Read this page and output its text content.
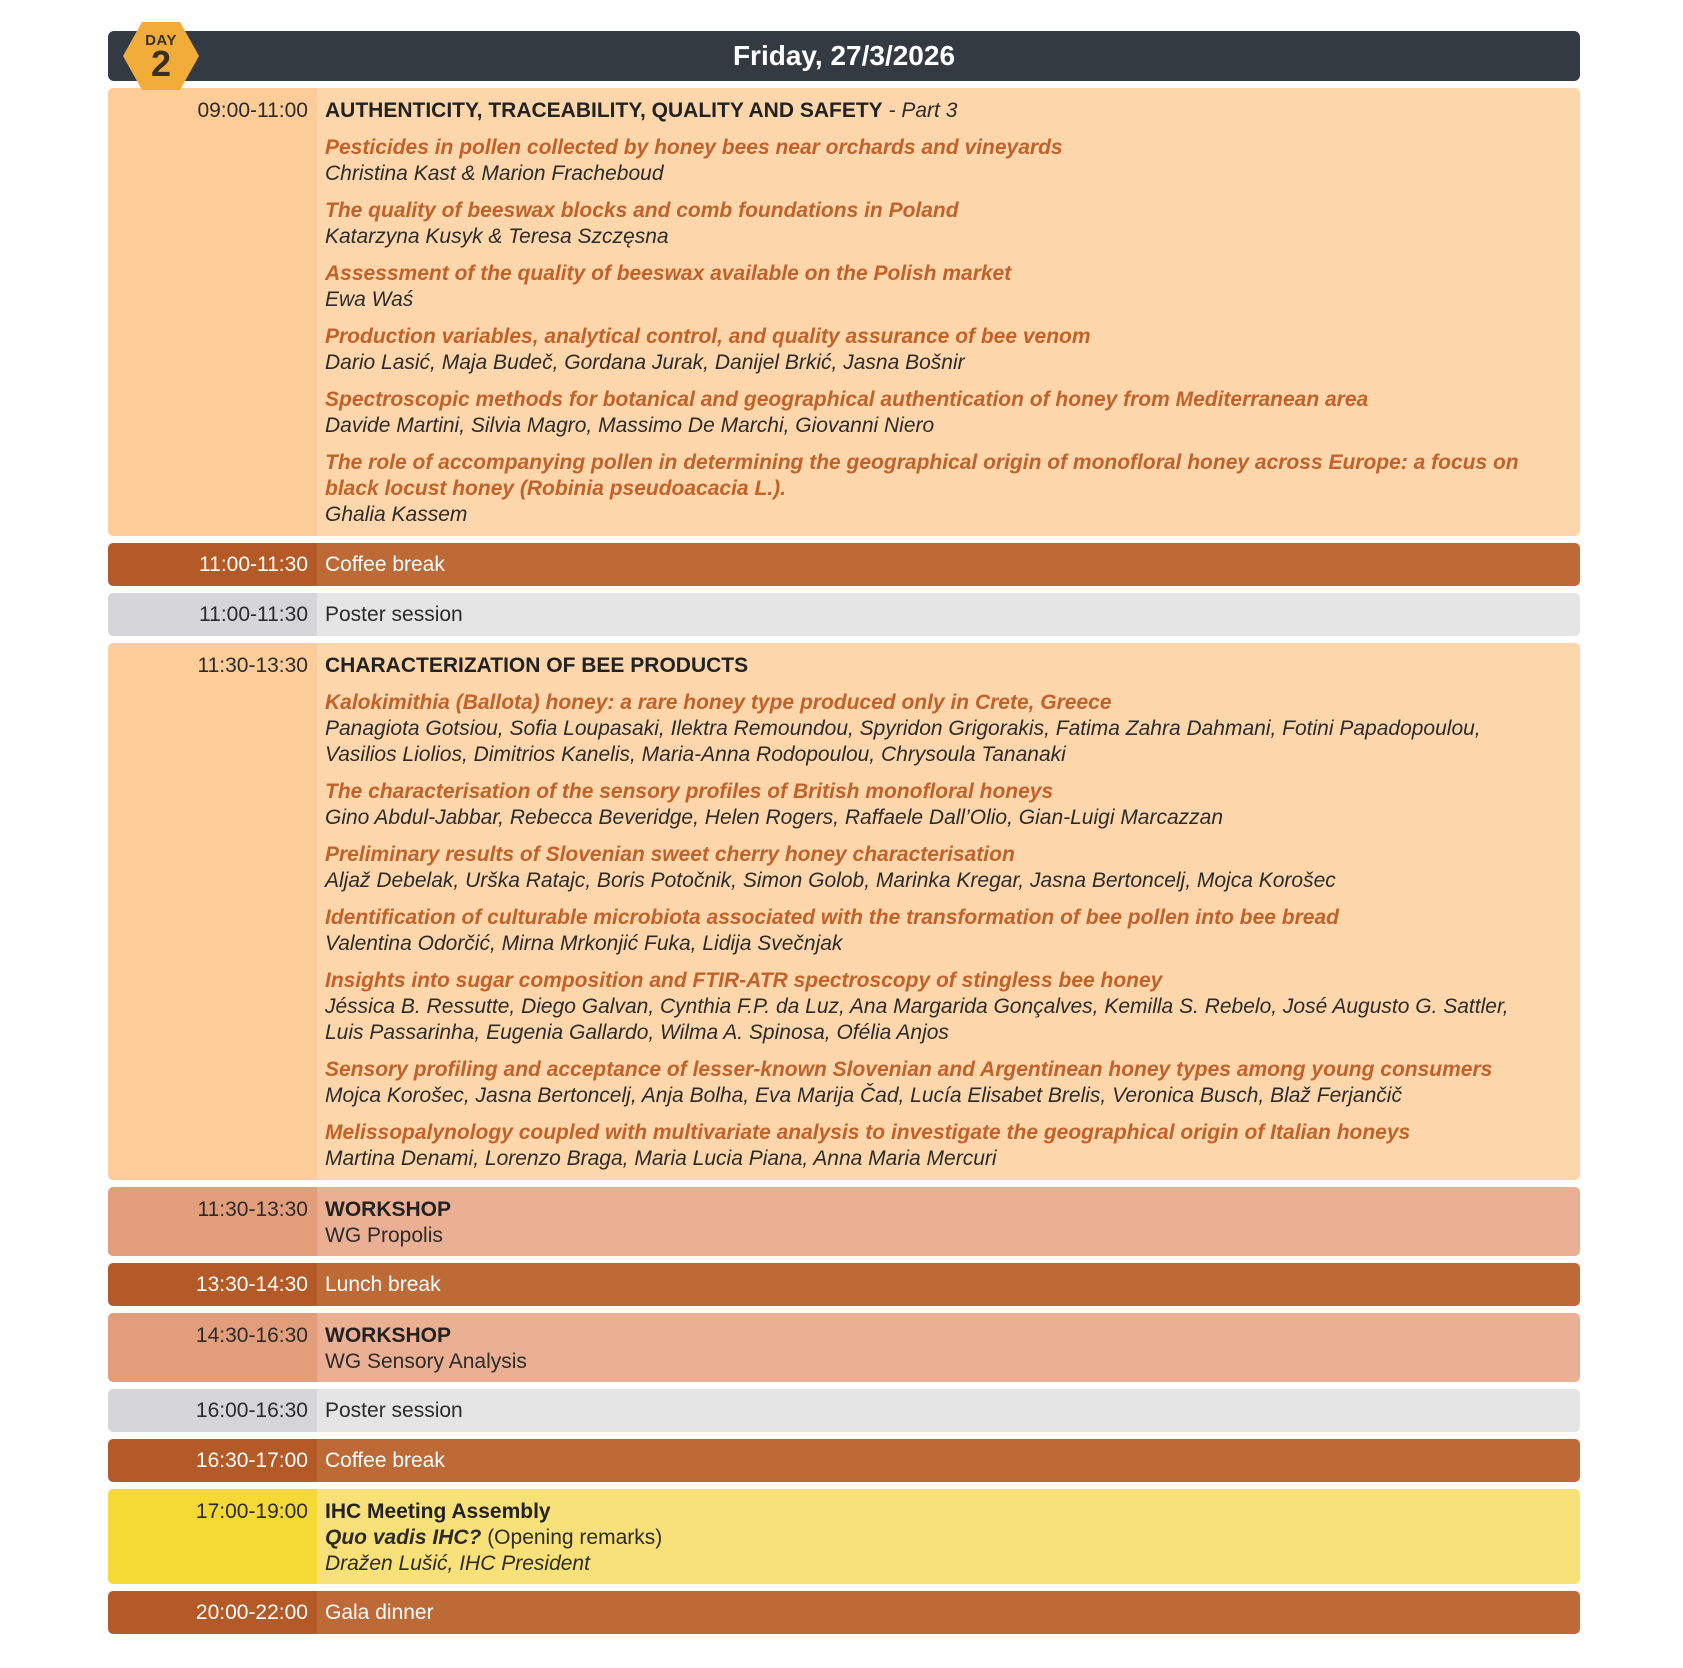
Friday, 27/3/2026
DAY
2
09:00-11:00 AUTHENTICITY, TRACEABILITY, QUALITY AND SAFETY - Part 3
Pesticides in pollen collected by honey bees near orchards and vineyards
Christina Kast & Marion Fracheboud
The quality of beeswax blocks and comb foundations in Poland
Katarzyna Kusyk & Teresa Szczęsna
Assessment of the quality of beeswax available on the Polish market
Ewa Waś
Production variables, analytical control, and quality assurance of bee venom
Dario Lasić, Maja Budeč, Gordana Jurak, Danijel Brkić, Jasna Bošnir
Spectroscopic methods for botanical and geographical authentication of honey from Mediterranean area
Davide Martini, Silvia Magro, Massimo De Marchi, Giovanni Niero
The role of accompanying pollen in determining the geographical origin of monofloral honey across Europe: a focus on black locust honey (Robinia pseudoacacia L.).
Ghalia Kassem
11:00-11:30 Coffee break
11:00-11:30 Poster session
11:30-13:30 CHARACTERIZATION OF BEE PRODUCTS
Kalokimithia (Ballota) honey: a rare honey type produced only in Crete, Greece
Panagiota Gotsiou, Sofia Loupasaki, Ilektra Remoundou, Spyridon Grigorakis, Fatima Zahra Dahmani, Fotini Papadopoulou, Vasilios Liolios, Dimitrios Kanelis, Maria-Anna Rodopoulou, Chrysoula Tananaki
The characterisation of the sensory profiles of British monofloral honeys
Gino Abdul-Jabbar, Rebecca Beveridge, Helen Rogers, Raffaele Dall’Olio, Gian-Luigi Marcazzan
Preliminary results of Slovenian sweet cherry honey characterisation
Aljaž Debelak, Urška Ratajc, Boris Potočnik, Simon Golob, Marinka Kregar, Jasna Bertoncelj, Mojca Korošec
Identification of culturable microbiota associated with the transformation of bee pollen into bee bread
Valentina Odorčić, Mirna Mrkonjić Fuka, Lidija Svečnjak
Insights into sugar composition and FTIR-ATR spectroscopy of stingless bee honey
Jéssica B. Ressutte, Diego Galvan, Cynthia F.P. da Luz, Ana Margarida Gonçalves, Kemilla S. Rebelo, José Augusto G. Sattler, Luis Passarinha, Eugenia Gallardo, Wilma A. Spinosa, Ofélia Anjos
Sensory profiling and acceptance of lesser-known Slovenian and Argentinean honey types among young consumers
Mojca Korošec, Jasna Bertoncelj, Anja Bolha, Eva Marija Čad, Lucía Elisabet Brelis, Veronica Busch, Blaž Ferjančič
Melissopalynology coupled with multivariate analysis to investigate the geographical origin of Italian honeys
Martina Denami, Lorenzo Braga, Maria Lucia Piana, Anna Maria Mercuri
11:30-13:30 WORKSHOP
WG Propolis
13:30-14:30 Lunch break
14:30-16:30 WORKSHOP
WG Sensory Analysis
16:00-16:30 Poster session
16:30-17:00 Coffee break
17:00-19:00 IHC Meeting Assembly
Quo vadis IHC? (Opening remarks)
Dražen Lušić, IHC President
20:00-22:00 Gala dinner
